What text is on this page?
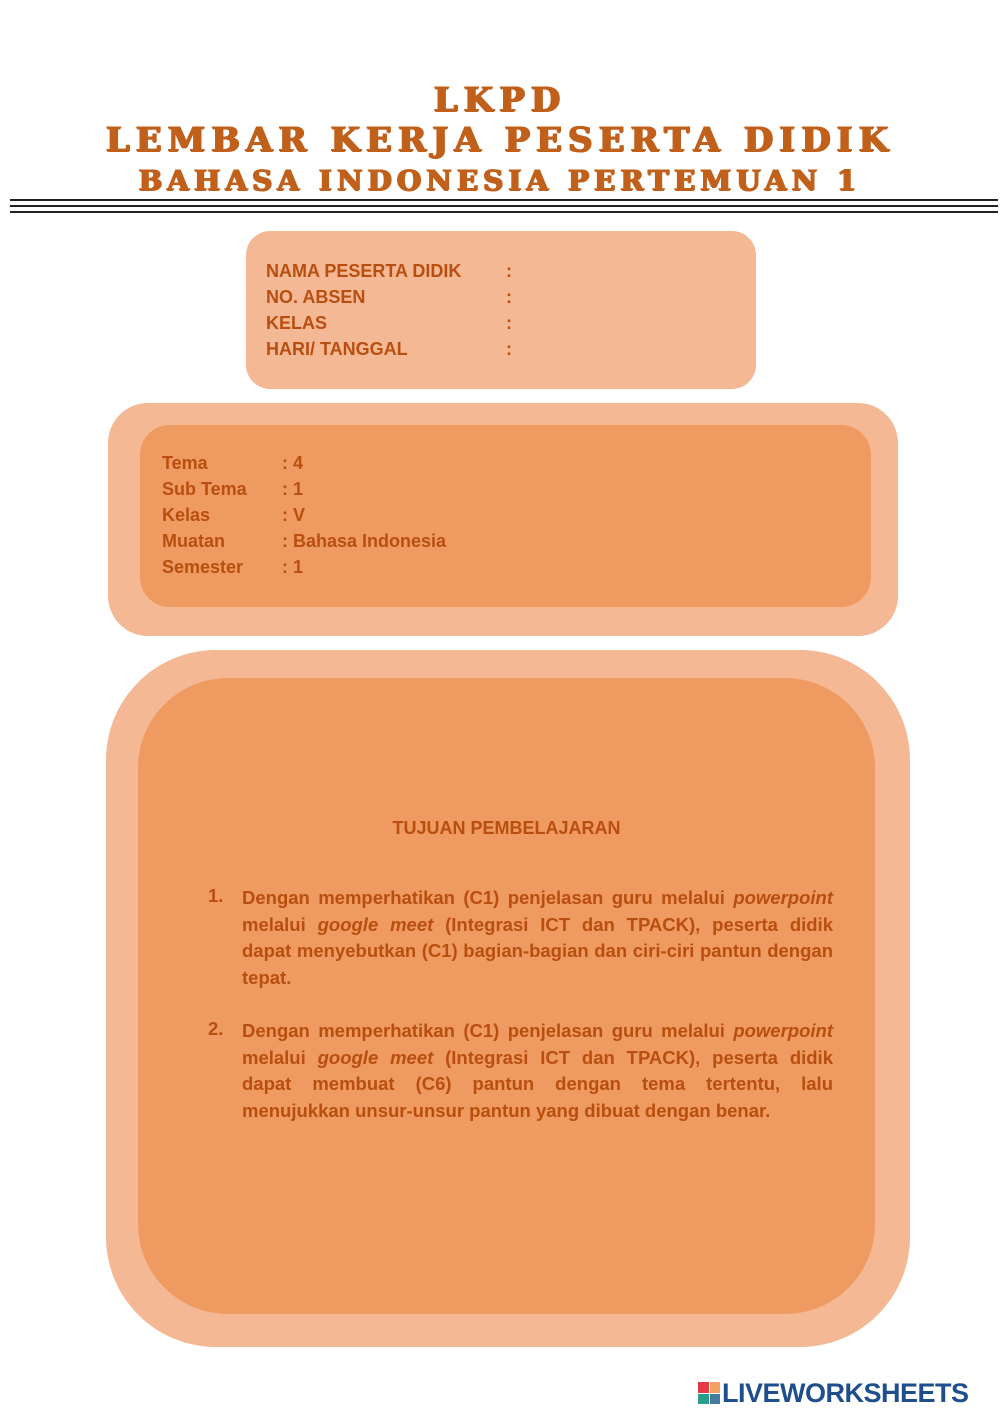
LKPD
LEMBAR KERJA PESERTA DIDIK
BAHASA INDONESIA PERTEMUAN 1
NAMA PESERTA DIDIK :
NO. ABSEN	:
KELAS	:
HARI/ TANGGAL	:
Tema	: 4
Sub Tema : 1
Kelas	: V
Muatan	: Bahasa Indonesia
Semester : 1
TUJUAN PEMBELAJARAN
1. Dengan memperhatikan (C1) penjelasan guru melalui powerpoint melalui google meet (Integrasi ICT dan TPACK), peserta didik dapat menyebutkan (C1) bagian-bagian dan ciri-ciri pantun dengan tepat.
2. Dengan memperhatikan (C1) penjelasan guru melalui powerpoint melalui google meet (Integrasi ICT dan TPACK), peserta didik dapat membuat (C6) pantun dengan tema tertentu, lalu menujukkan unsur-unsur pantun yang dibuat dengan benar.
LIVEWORKSHEETS
